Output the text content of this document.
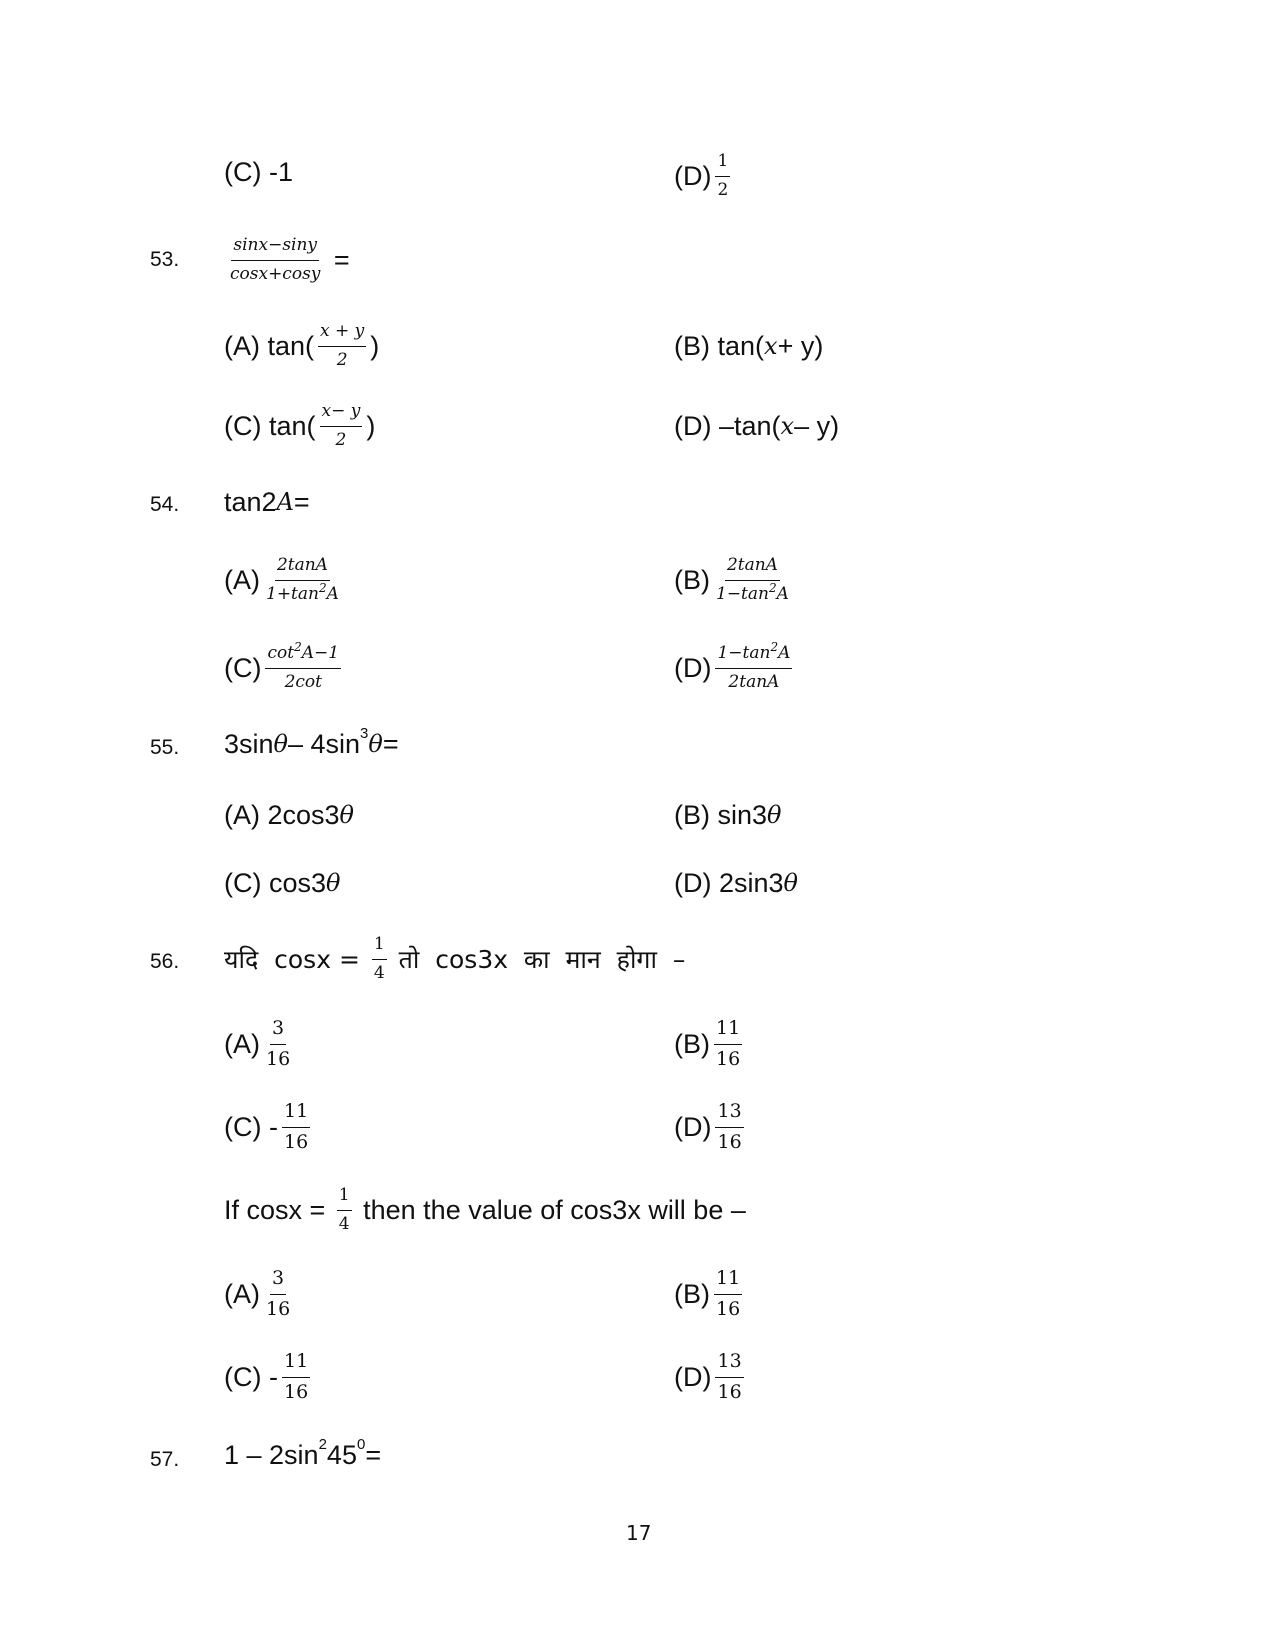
(C)
-1	$(D) \frac{1}{2}$
53.	$\frac{\sin x-\sin y}{\cos x+\cos y}$
=
(A) $\tan( \frac{x + y}{2}$ )	(B) tan( x + y)
(C) $\tan( \frac{x- y}{2}$ )	(D) –tan( x – y)
54. tan2 A =
$(A) \frac{2\tan A}{1+\tan^2A}$	$(B) \frac{2\tan A}{1-\tan^2A}$
$(C) \frac{\cot^2A-1}{2\cot}$	$(D) \frac{1-\tan^2A}{2\tan A}$
55. 3sin θ – 4sin 3 θ =
(A) 2cos3 θ	(B) sin3 θ
(C) cos3 θ	(D) 2sin3 θ
56. यदि  $\cos x = \frac{1}{4}$ तो  cos3x  का  मान  होगा  –
$(A) \frac{3}{16}$	$(B) \frac{11}{16}$
$(C) - \frac{11}{16}$	$(D) \frac{13}{16}$
If $\cos x = \frac{1}{4}$ then the value of cos3x will be –
$(A) \frac{3}{16}$	$(B) \frac{11}{16}$
$(C) - \frac{11}{16}$	$(D) \frac{13}{16}$
57. 1 – 2sin 2 45 0 =
17
